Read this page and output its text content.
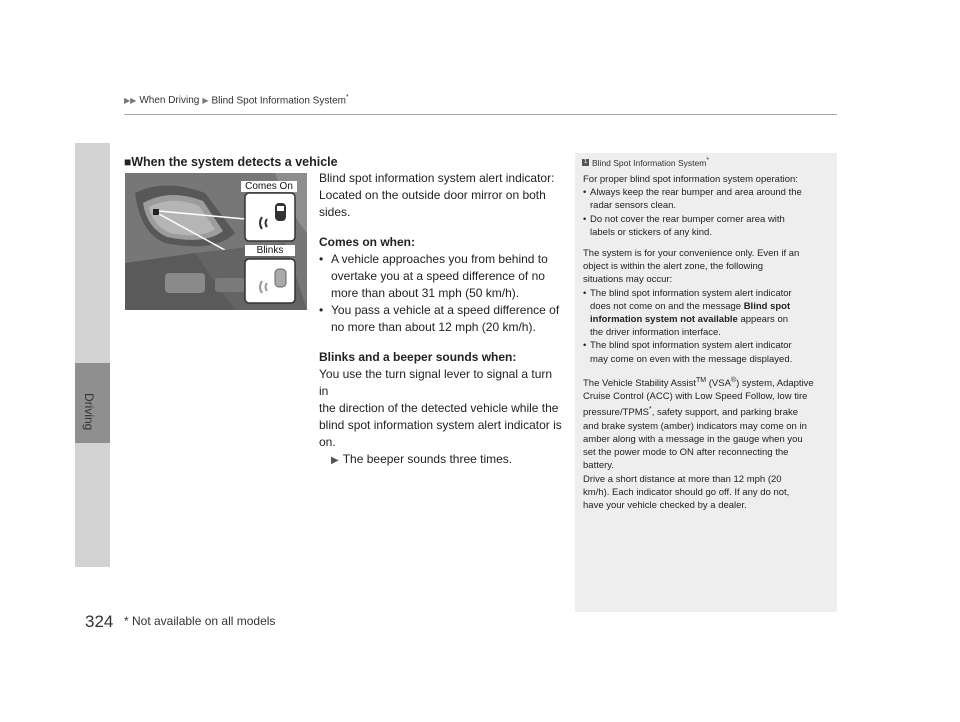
▶▶ When Driving ▶ Blind Spot Information System*
Driving
■When the system detects a vehicle
Comes On
Blinks

Blind spot information system alert indicator:

Located on the outside door mirror on both

sides.

Comes on when:

• A vehicle approaches you from behind to

overtake you at a speed difference of no

more than about 31 mph (50 km/h).

• You pass a vehicle at a speed difference of

no more than about 12 mph (20 km/h).

Blinks and a beeper sounds when:

You use the turn signal lever to signal a turn in

the direction of the detected vehicle while the

blind spot information system alert indicator is

on.

▶ The beeper sounds three times.

1 Blind Spot Information System*

For proper blind spot information system operation:

• Always keep the rear bumper and area around the

radar sensors clean.

• Do not cover the rear bumper corner area with

labels or stickers of any kind.

The system is for your convenience only. Even if an

object is within the alert zone, the following

situations may occur:

• The blind spot information system alert indicator

does not come on and the message Blind spot

information system not available appears on

the driver information interface.

• The blind spot information system alert indicator

may come on even with the message displayed.

The Vehicle Stability Assist™ (VSA®) system, Adaptive

Cruise Control (ACC) with Low Speed Follow, low tire

pressure/TPMS*, safety support, and parking brake

and brake system (amber) indicators may come on in

amber along with a message in the gauge when you

set the power mode to ON after reconnecting the

battery.

Drive a short distance at more than 12 mph (20

km/h). Each indicator should go off. If any do not,

have your vehicle checked by a dealer.

324 * Not available on all models
